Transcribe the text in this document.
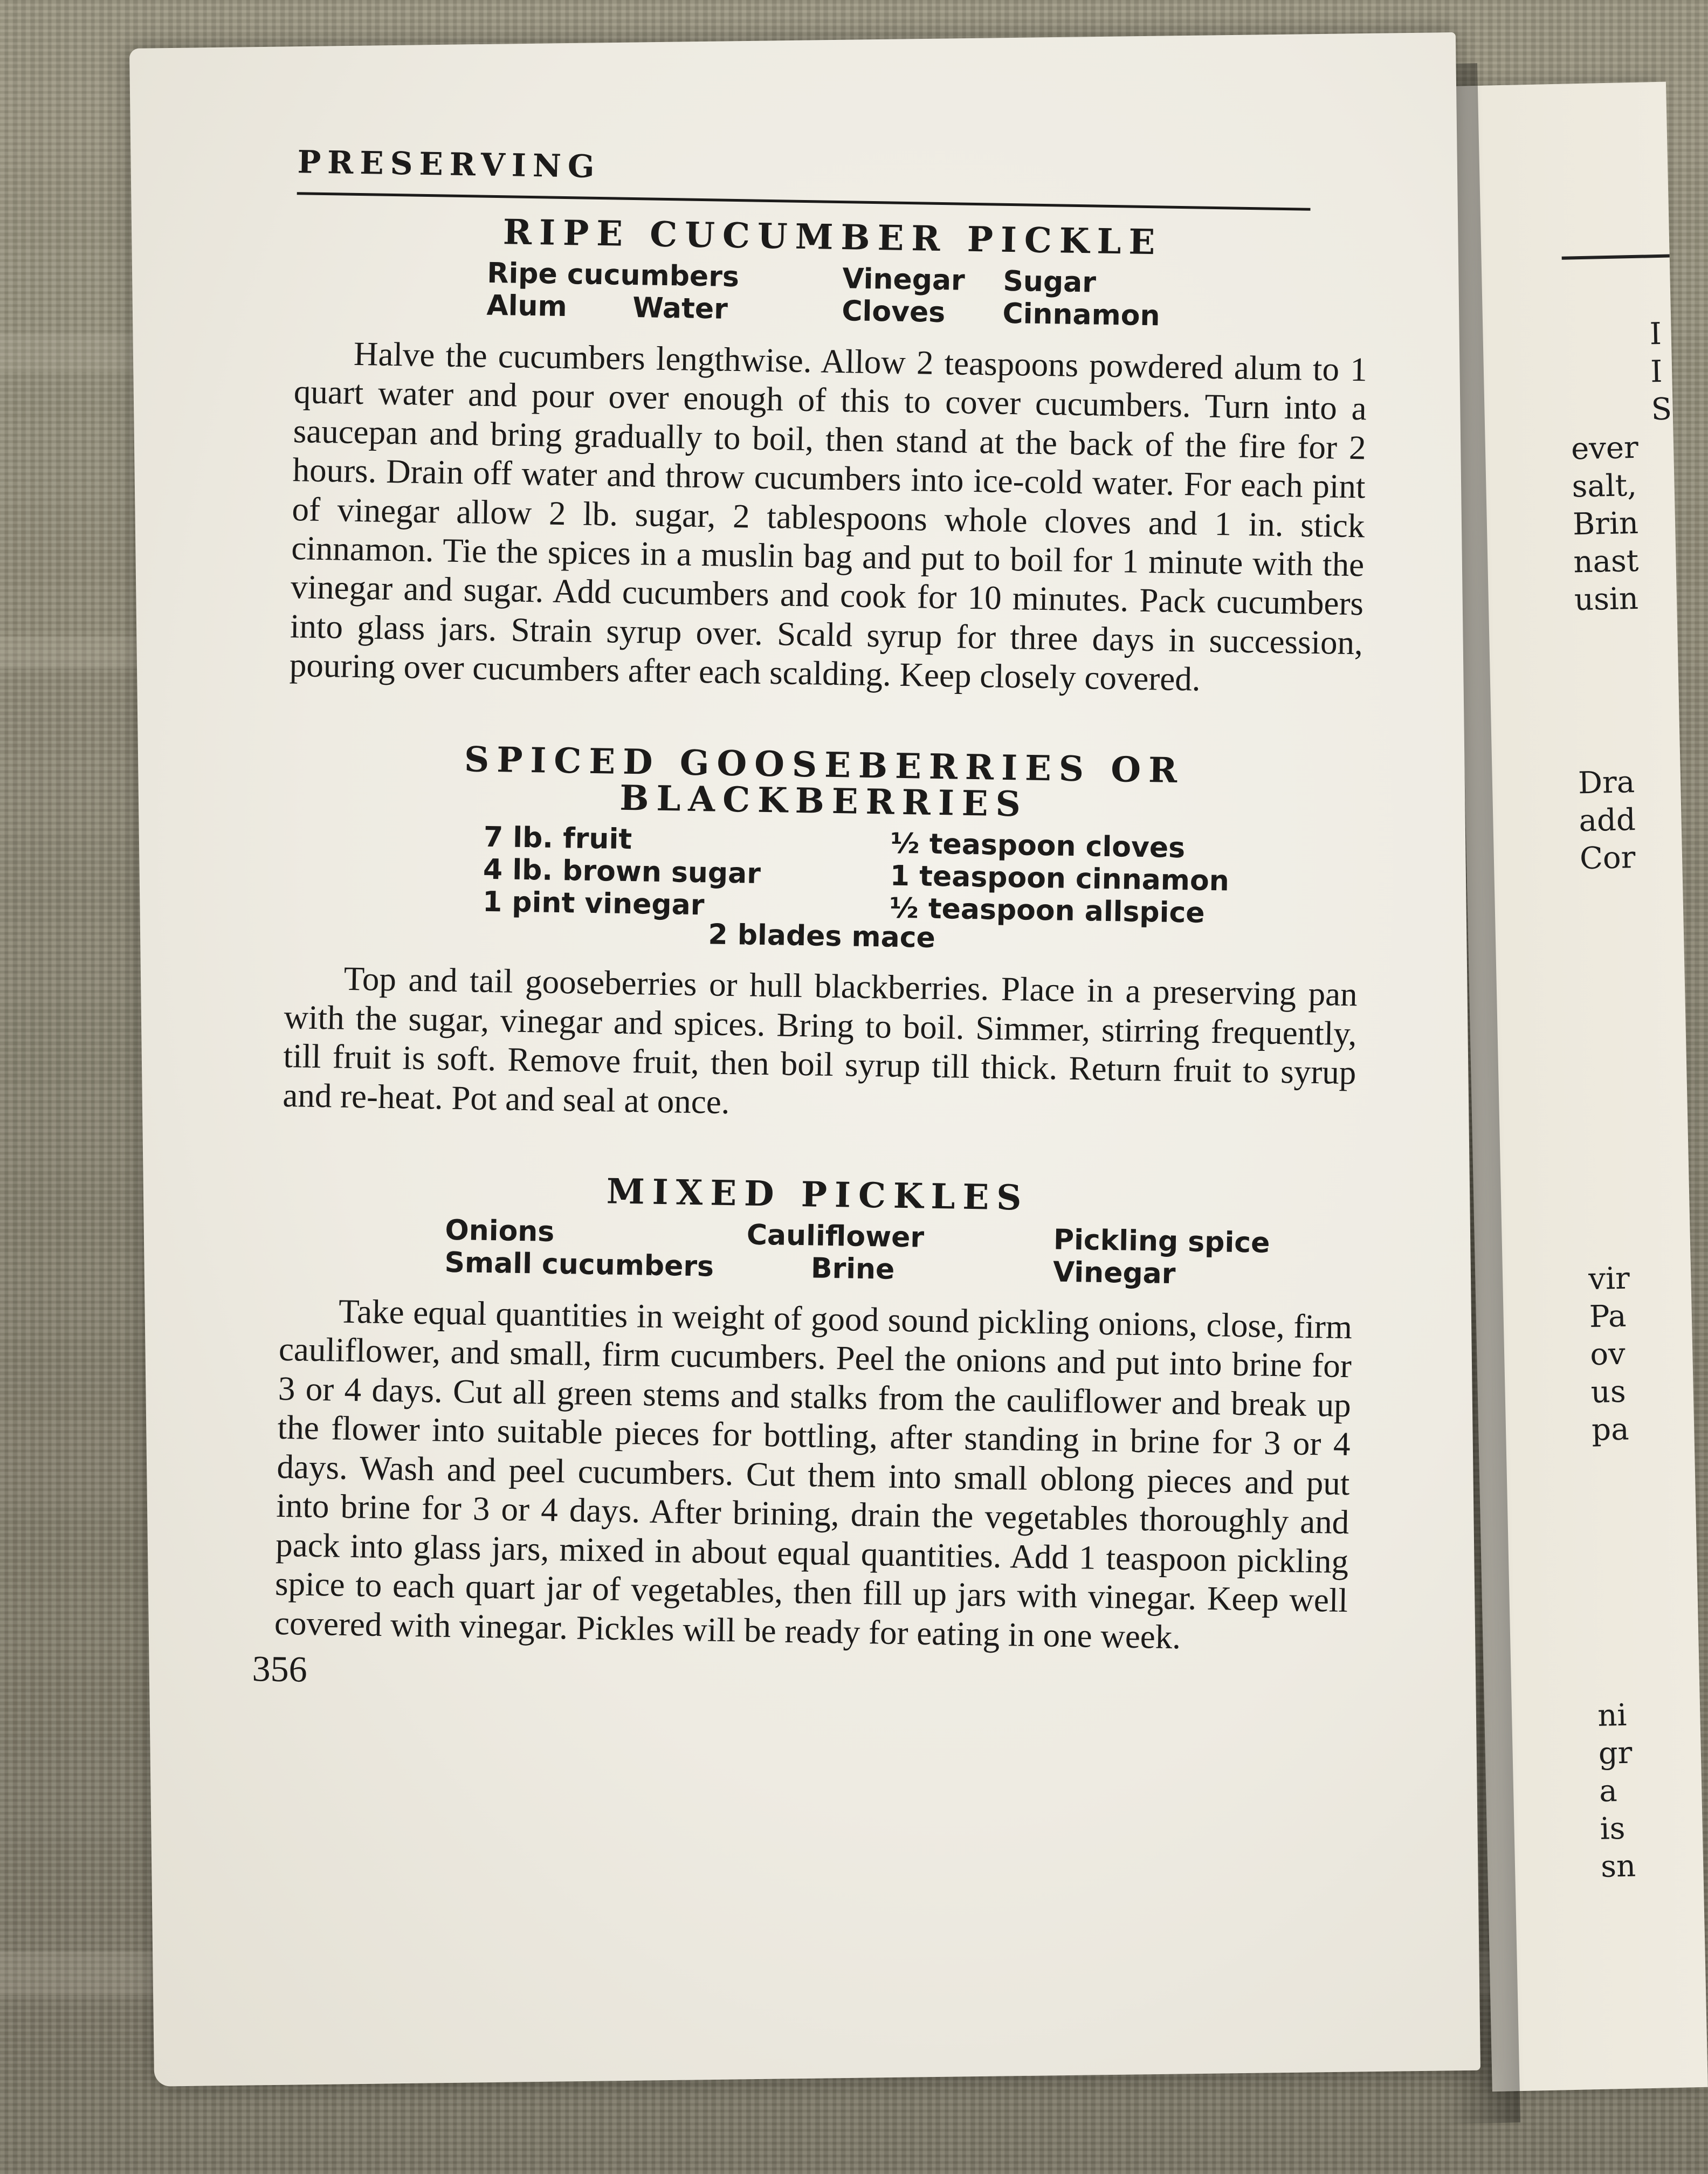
I
I
S
ever
salt,
Brin
nast
usin
Dra
add
Cor
vir
Pa
ov
us
pa
ni
gr
a
is
sn
PRESERVING
RIPE CUCUMBER PICKLE
Ripe cucumbers	Vinegar	Sugar
Alum	Water	Cloves	Cinnamon

Halve the cucumbers lengthwise. Allow 2 teaspoons powdered alum to 1 quart water and pour over enough of this to cover cucumbers. Turn into a saucepan and bring gradually to boil, then stand at the back of the fire for 2 hours. Drain off water and throw cucumbers into ice-cold water. For each pint of vinegar allow 2 lb. sugar, 2 tablespoons whole cloves and 1 in. stick cinnamon. Tie the spices in a muslin bag and put to boil for 1 minute with the vinegar and sugar. Add cucumbers and cook for 10 minutes. Pack cucumbers into glass jars. Strain syrup over. Scald syrup for three days in succession, pouring over cucumbers after each scalding. Keep closely covered.

SPICED GOOSEBERRIES OR
BLACKBERRIES
7 lb. fruit	½ teaspoon cloves
4 lb. brown sugar	1 teaspoon cinnamon
1 pint vinegar	½ teaspoon allspice
2 blades mace

Top and tail gooseberries or hull blackberries. Place in a preserving pan with the sugar, vinegar and spices. Bring to boil. Simmer, stirring frequently, till fruit is soft. Remove fruit, then boil syrup till thick. Return fruit to syrup and re-heat. Pot and seal at once.

MIXED PICKLES
Onions	Cauliflower	Pickling spice
Small cucumbers	Brine	Vinegar

Take equal quantities in weight of good sound pickling onions, close, firm cauliflower, and small, firm cucumbers. Peel the onions and put into brine for 3 or 4 days. Cut all green stems and stalks from the cauliflower and break up the flower into suitable pieces for bottling, after standing in brine for 3 or 4 days. Wash and peel cucumbers. Cut them into small oblong pieces and put into brine for 3 or 4 days. After brining, drain the vegetables thoroughly and pack into glass jars, mixed in about equal quantities. Add 1 teaspoon pickling spice to each quart jar of vegetables, then fill up jars with vinegar. Keep well covered with vinegar. Pickles will be ready for eating in one week.

356
